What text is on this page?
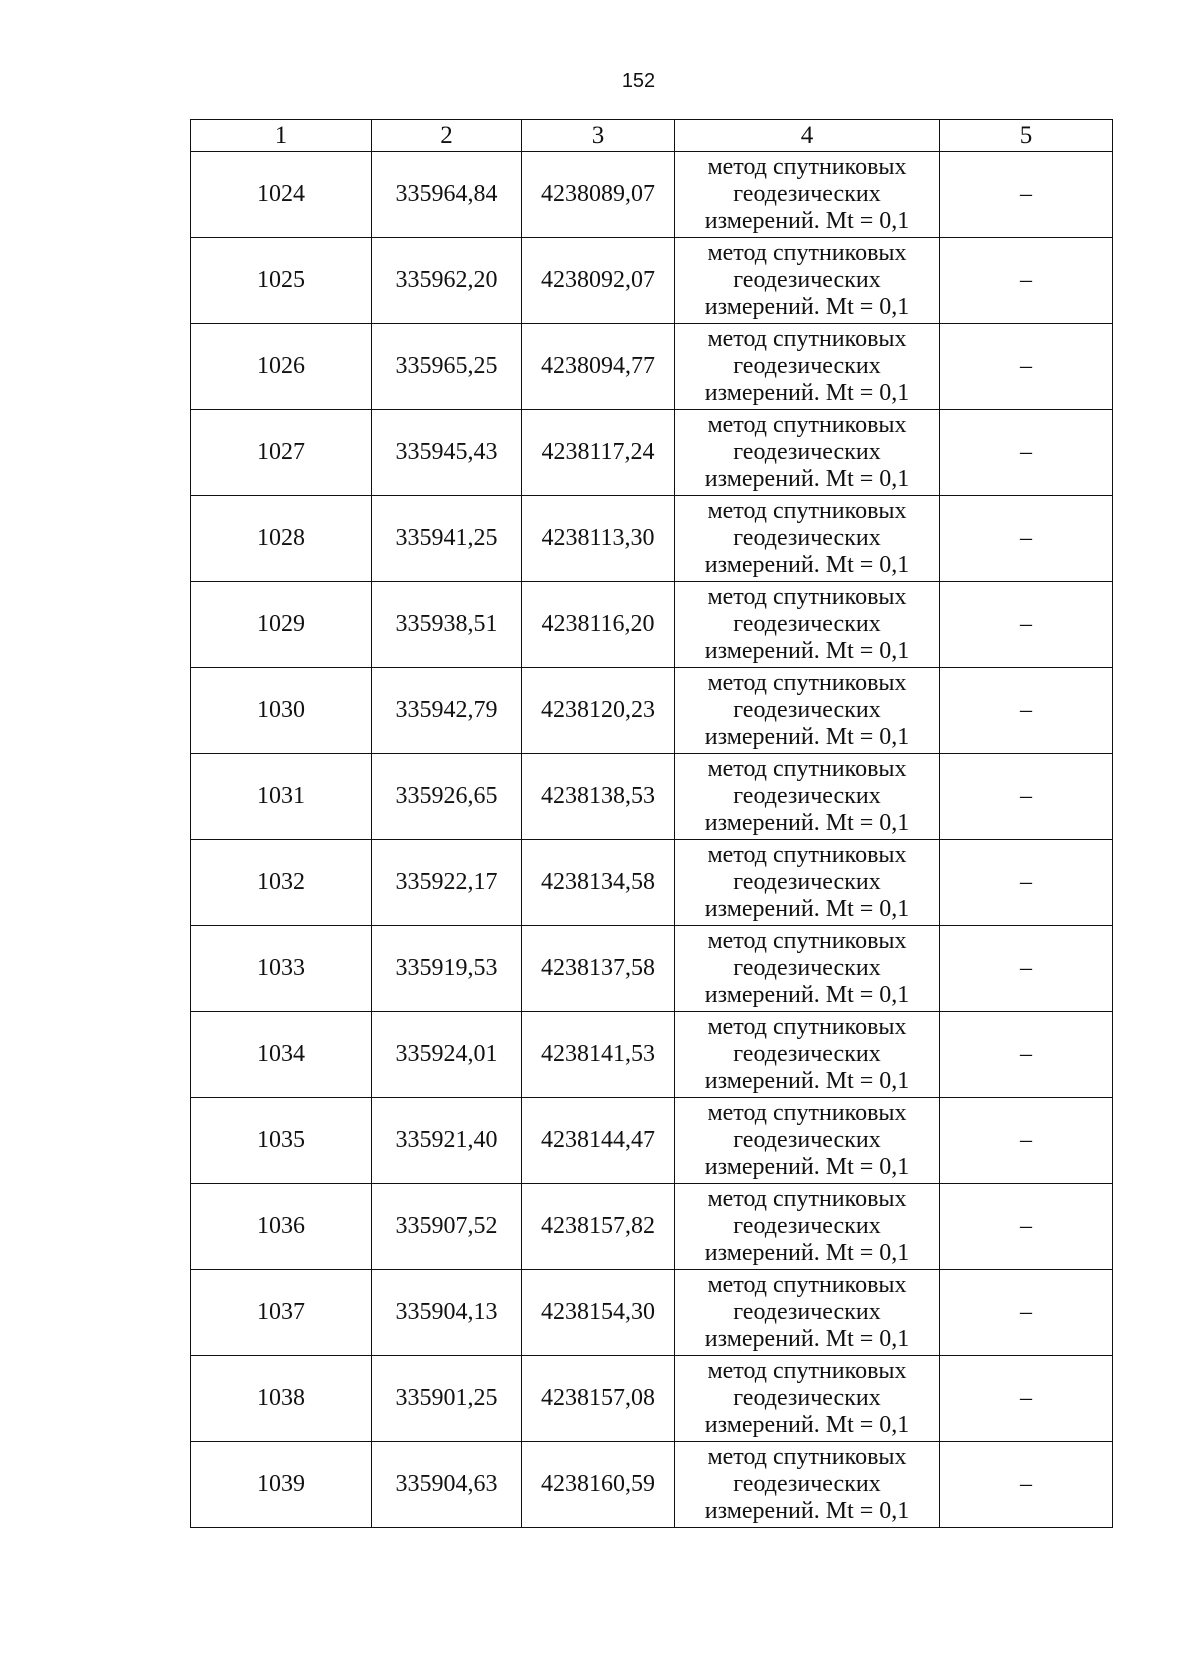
152
1	2	3	4	5
1024	335964,84	4238089,07	метод спутниковых
геодезических
измерений. Mt = 0,1	–
1025	335962,20	4238092,07	метод спутниковых
геодезических
измерений. Mt = 0,1	–
1026	335965,25	4238094,77	метод спутниковых
геодезических
измерений. Mt = 0,1	–
1027	335945,43	4238117,24	метод спутниковых
геодезических
измерений. Mt = 0,1	–
1028	335941,25	4238113,30	метод спутниковых
геодезических
измерений. Mt = 0,1	–
1029	335938,51	4238116,20	метод спутниковых
геодезических
измерений. Mt = 0,1	–
1030	335942,79	4238120,23	метод спутниковых
геодезических
измерений. Mt = 0,1	–
1031	335926,65	4238138,53	метод спутниковых
геодезических
измерений. Mt = 0,1	–
1032	335922,17	4238134,58	метод спутниковых
геодезических
измерений. Mt = 0,1	–
1033	335919,53	4238137,58	метод спутниковых
геодезических
измерений. Mt = 0,1	–
1034	335924,01	4238141,53	метод спутниковых
геодезических
измерений. Mt = 0,1	–
1035	335921,40	4238144,47	метод спутниковых
геодезических
измерений. Mt = 0,1	–
1036	335907,52	4238157,82	метод спутниковых
геодезических
измерений. Mt = 0,1	–
1037	335904,13	4238154,30	метод спутниковых
геодезических
измерений. Mt = 0,1	–
1038	335901,25	4238157,08	метод спутниковых
геодезических
измерений. Mt = 0,1	–
1039	335904,63	4238160,59	метод спутниковых
геодезических
измерений. Mt = 0,1	–
